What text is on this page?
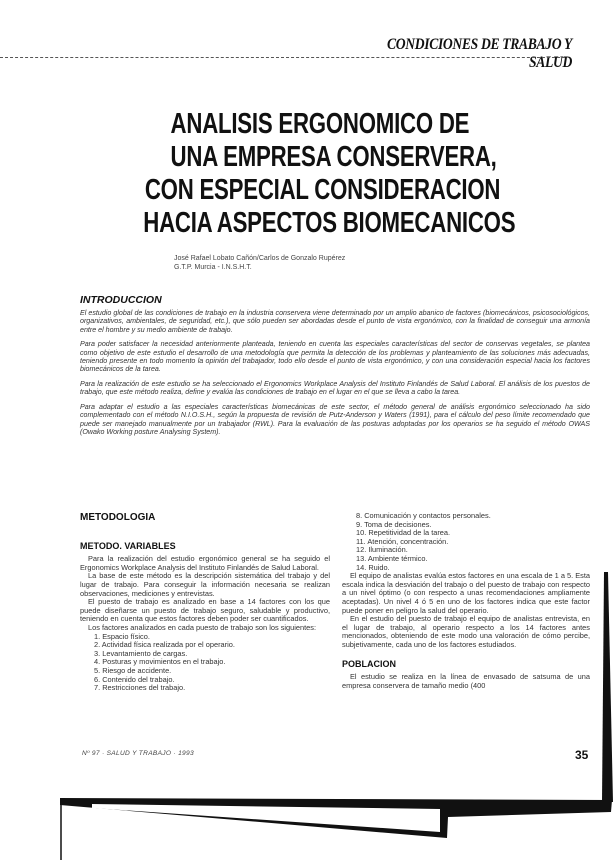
CONDICIONES DE TRABAJO Y SALUD
ANALISIS ERGONOMICO DE
UNA EMPRESA CONSERVERA,
CON ESPECIAL CONSIDERACION
HACIA ASPECTOS BIOMECANICOS
José Rafael Lobato Cañón/Carlos de Gonzalo Rupérez
G.T.P. Murcia - I.N.S.H.T.
INTRODUCCION

El estudio global de las condiciones de trabajo en la industria conservera viene determinado por un amplio abanico de factores (biomecánicos, psicosociológicos, organizativos, ambientales, de seguridad, etc.), que sólo pueden ser abordadas desde el punto de vista ergonómico, con la finalidad de conseguir una armonía entre el hombre y su medio ambiente de trabajo.

Para poder satisfacer la necesidad anteriormente planteada, teniendo en cuenta las especiales características del sector de conservas vegetales, se plantea como objetivo de este estudio el desarrollo de una metodología que permita la detección de los problemas y planteamiento de las soluciones más adecuadas, teniendo presente en todo momento la opinión del trabajador, todo ello desde el punto de vista ergonómico, y con una consideración especial hacia los factores biomecánicos de la tarea.

Para la realización de este estudio se ha seleccionado el Ergonomics Workplace Analysis del Instituto Finlandés de Salud Laboral. El análisis de los puestos de trabajo, que este método realiza, define y evalúa las condiciones de trabajo en el lugar en el que se lleva a cabo la tarea.

Para adaptar el estudio a las especiales características biomecánicas de este sector, el método general de análisis ergonómico seleccionado ha sido complementado con el método N.I.O.S.H., según la propuesta de revisión de Putz-Anderson y Waters (1991), para el cálculo del peso límite recomendado que puede ser manejado manualmente por un trabajador (RWL). Para la evaluación de las posturas adoptadas por los operarios se ha seguido el método OWAS (Owako Working posture Analysing System).

METODOLOGIA
METODO. VARIABLES

Para la realización del estudio ergonómico general se ha seguido el Ergonomics Workplace Analysis del Instituto Finlandés de Salud Laboral.

La base de este método es la descripción sistemática del trabajo y del lugar de trabajo. Para conseguir la información necesaria se realizan observaciones, mediciones y entrevistas.

El puesto de trabajo es analizado en base a 14 factores con los que puede diseñarse un puesto de trabajo seguro, saludable y productivo, teniendo en cuenta que estos factores deben poder ser cuantificados.

Los factores analizados en cada puesto de trabajo son los siguientes:

1. Espacio físico.
2. Actividad física realizada por el operario.
3. Levantamiento de cargas.
4. Posturas y movimientos en el trabajo.
5. Riesgo de accidente.
6. Contenido del trabajo.
7. Restricciones del trabajo.
8. Comunicación y contactos personales.
9. Toma de decisiones.
10. Repetitividad de la tarea.
11. Atención, concentración.
12. Iluminación.
13. Ambiente térmico.
14. Ruido.

El equipo de analistas evalúa estos factores en una escala de 1 a 5. Esta escala indica la desviación del trabajo o del puesto de trabajo con respecto a un nivel óptimo (o con respecto a unas recomendaciones ampliamente aceptadas). Un nivel 4 ó 5 en uno de los factores indica que este factor puede poner en peligro la salud del operario.

En el estudio del puesto de trabajo el equipo de analistas entrevista, en el lugar de trabajo, al operario respecto a los 14 factores antes mencionados, obteniendo de este modo una valoración de cómo percibe, subjetivamente, cada uno de los factores estudiados.

POBLACION

El estudio se realiza en la línea de envasado de satsuma de una empresa conservera de tamaño medio (400

Nº 97 · SALUD Y TRABAJO · 1993	35
